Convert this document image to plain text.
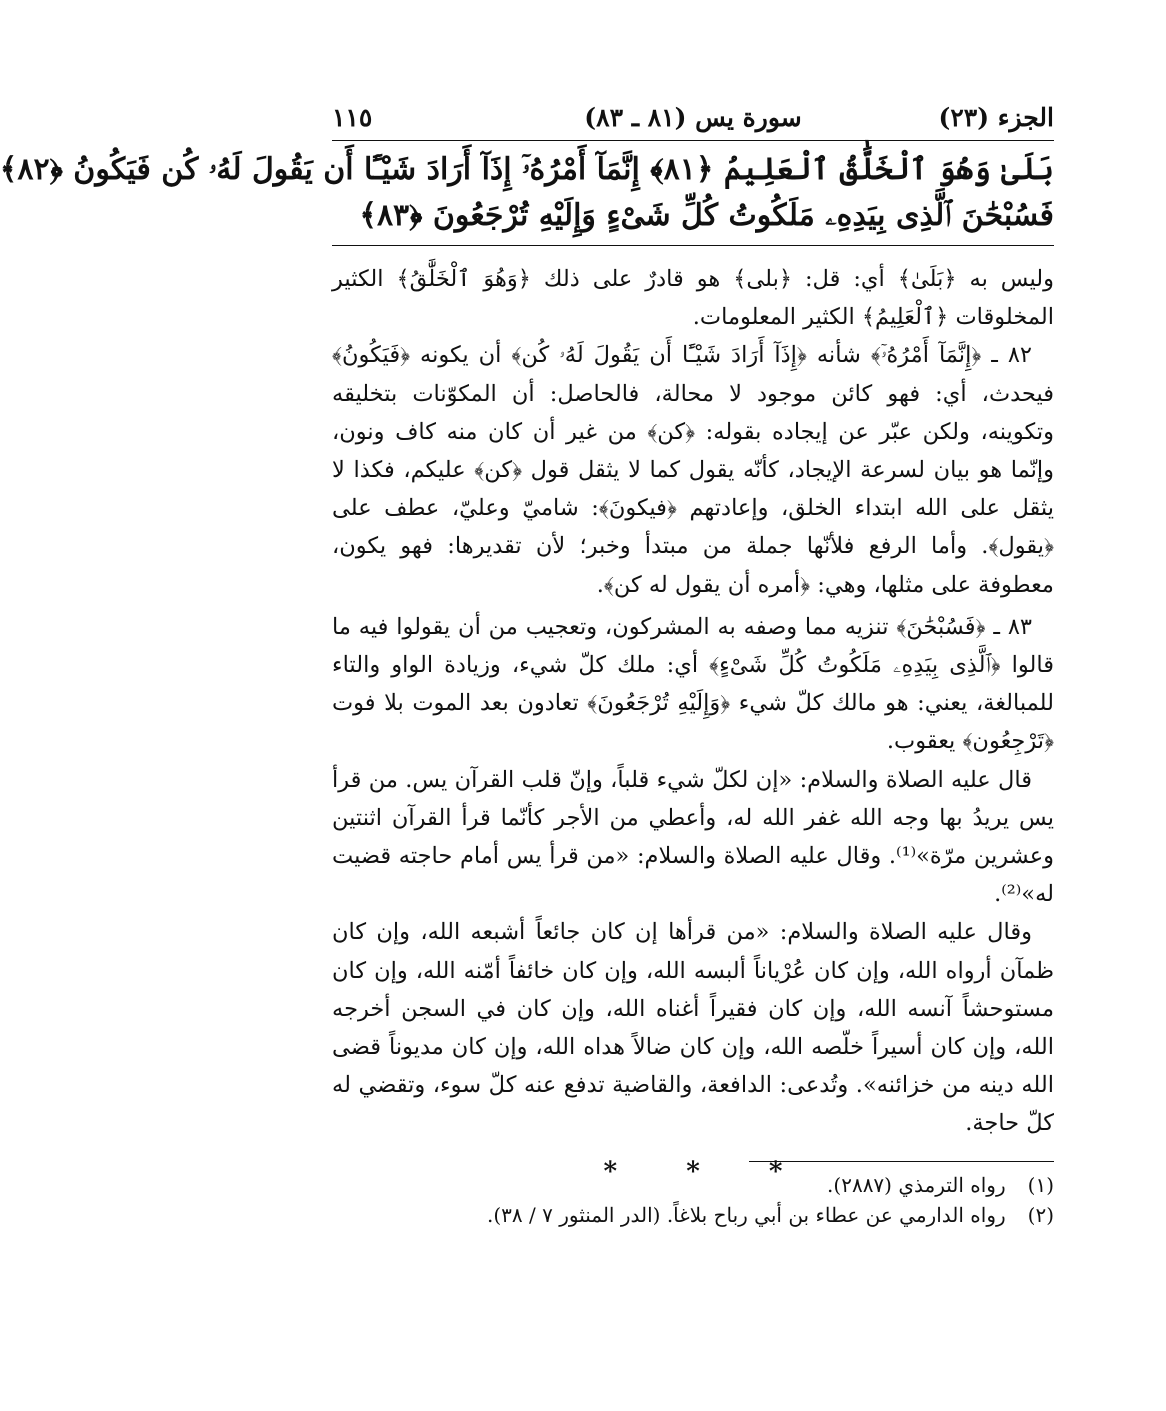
الجزء (٢٣)
سورة يس (٨١ ـ ٨٣)
١١٥
بَلَىٰ وَهُوَ ٱلْخَلَّٰقُ ٱلْعَلِيمُ ﴿٨١﴾ إِنَّمَآ أَمْرُهُۥٓ إِذَآ أَرَادَ شَيْـًٔا أَن يَقُولَ لَهُۥ كُن فَيَكُونُ ﴿٨٢﴾
فَسُبْحَٰنَ ٱلَّذِى بِيَدِهِۦ مَلَكُوتُ كُلِّ شَىْءٍ وَإِلَيْهِ تُرْجَعُونَ ﴿٨٣﴾

وليس به ﴿بَلَىٰ﴾ أي: قل: ﴿بلى﴾ هو قادرٌ على ذلك ﴿وَهُوَ ٱلْخَلَّٰقُ﴾ الكثير المخلوقات ﴿ٱلْعَلِيمُ﴾ الكثير المعلومات.

٨٢ ـ ﴿إِنَّمَآ أَمْرُهُۥٓ﴾ شأنه ﴿إِذَآ أَرَادَ شَيْـًٔا أَن يَقُولَ لَهُۥ كُن﴾ أن يكونه ﴿فَيَكُونُ﴾ فيحدث، أي: فهو كائن موجود لا محالة، فالحاصل: أن المكوّنات بتخليقه وتكوينه، ولكن عبّر عن إيجاده بقوله: ﴿كن﴾ من غير أن كان منه كاف ونون، وإنّما هو بيان لسرعة الإيجاد، كأنّه يقول كما لا يثقل قول ﴿كن﴾ عليكم، فكذا لا يثقل على الله ابتداء الخلق، وإعادتهم ﴿فيكونَ﴾: شاميّ وعليّ، عطف على ﴿يقول﴾. وأما الرفع فلأنّها جملة من مبتدأ وخبر؛ لأن تقديرها: فهو يكون، معطوفة على مثلها، وهي: ﴿أمره أن يقول له كن﴾.

٨٣ ـ ﴿فَسُبْحَٰنَ﴾ تنزيه مما وصفه به المشركون، وتعجيب من أن يقولوا فيه ما قالوا ﴿ٱلَّذِى بِيَدِهِۦ مَلَكُوتُ كُلِّ شَىْءٍ﴾ أي: ملك كلّ شيء، وزيادة الواو والتاء للمبالغة، يعني: هو مالك كلّ شيء ﴿وَإِلَيْهِ تُرْجَعُونَ﴾ تعادون بعد الموت بلا فوت ﴿تَرْجِعُون﴾ يعقوب.

قال عليه الصلاة والسلام: «إن لكلّ شيء قلباً، وإنّ قلب القرآن يس. من قرأ يس يريدُ بها وجه الله غفر الله له، وأعطي من الأجر كأنّما قرأ القرآن اثنتين وعشرين مرّة»⁽¹⁾. وقال عليه الصلاة والسلام: «من قرأ يس أمام حاجته قضيت له»⁽²⁾.

وقال عليه الصلاة والسلام: «من قرأها إن كان جائعاً أشبعه الله، وإن كان ظمآن أرواه الله، وإن كان عُرْياناً ألبسه الله، وإن كان خائفاً أمّنه الله، وإن كان مستوحشاً آنسه الله، وإن كان فقيراً أغناه الله، وإن كان في السجن أخرجه الله، وإن كان أسيراً خلّصه الله، وإن كان ضالاً هداه الله، وإن كان مديوناً قضى الله دينه من خزائنه». وتُدعى: الدافعة، والقاضية تدفع عنه كلّ سوء، وتقضي له كلّ حاجة.

* * *	(١) رواه الترمذي (٢٨٨٧).
(٢) رواه الدارمي عن عطاء بن أبي رباح بلاغاً. (الدر المنثور ٧ / ٣٨).
